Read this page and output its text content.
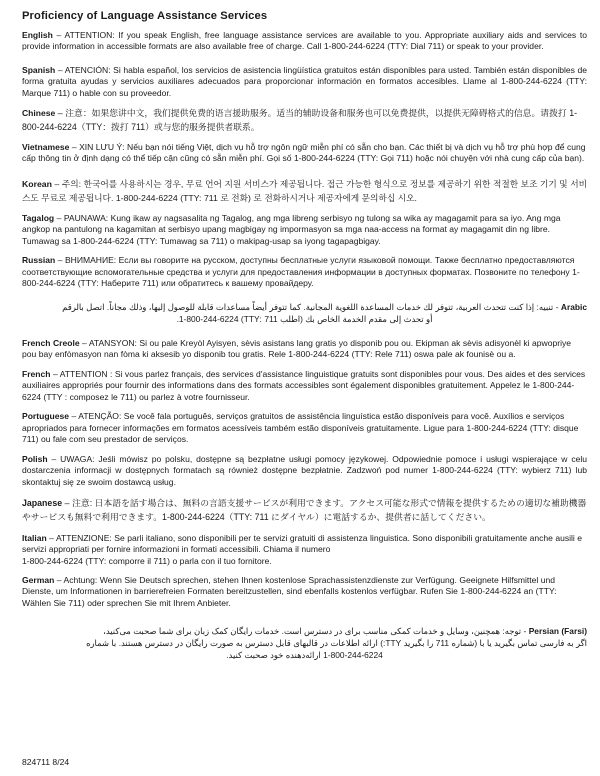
Proficiency of Language Assistance Services

English – ATTENTION: If you speak English, free language assistance services are available to you. Appropriate auxiliary aids and services to provide information in accessible formats are also available free of charge. Call 1-800-244-6224 (TTY: Dial 711) or speak to your provider.

Spanish – ATENCIÓN: Si habla español, los servicios de asistencia lingüística gratuitos están disponibles para usted. También están disponibles de forma gratuita ayudas y servicios auxiliares adecuados para proporcionar información en formatos accesibles. Llame al 1-800-244-6224 (TTY: Marque 711) o hable con su proveedor.

Chinese – 注意：如果您讲中文，我们提供免费的语言援助服务。适当的辅助设备和服务也可以免费提供，以提供无障碍格式的信息。请拨打 1-800-244-6224（TTY：拨打 711）或与您的服务提供者联系。

Vietnamese – XIN LƯU Ý: Nếu bạn nói tiếng Việt, dịch vụ hỗ trợ ngôn ngữ miễn phí có sẵn cho bạn. Các thiết bị và dịch vụ hỗ trợ phù hợp để cung cấp thông tin ở định dạng có thể tiếp cận cũng có sẵn miễn phí. Gọi số 1-800-244-6224 (TTY: Gọi 711) hoặc nói chuyện với nhà cung cấp của bạn).

Korean – 주의: 한국어를 사용하시는 경우, 무료 언어 지원 서비스가 제공됩니다. 접근 가능한 형식으로 정보를 제공하기 위한 적절한 보조 기기 및 서비스도 무료로 제공됩니다. 1-800-244-6224 (TTY: 711 로 전화) 로 전화하시거나 제공자에게 문의하십 시오.

Tagalog – PAUNAWA: Kung ikaw ay nagsasalita ng Tagalog, ang mga libreng serbisyo ng tulong sa wika ay magagamit para sa iyo. Ang mga angkop na pantulong na kagamitan at serbisyo upang magbigay ng impormasyon sa mga naa-access na format ay magagamit din ng libre. Tumawag sa 1-800-244-6224 (TTY: Tumawag sa 711) o makipag-usap sa iyong tagapagbigay.

Russian – ВНИМАНИЕ: Если вы говорите на русском, доступны бесплатные услуги языковой помощи. Также бесплатно предоставляются соответствующие вспомогательные средства и услуги для предоставления информации в доступных форматах. Позвоните по телефону 1-800-244-6224 (TTY: Наберите 711) или обратитесь к вашему провайдеру.

Arabic - تنبيه: إذا كنت تتحدث العربية، تتوفر لك خدمات المساعدة اللغوية المجانية. كما تتوفر أيضاً مساعدات قابلة للوصول إليها، وذلك مجاناً. اتصل بالرقم
أو تحدث إلى مقدم الخدمة الخاص بك (اطلب 711 :TTY) 1-800-244-6224.

French Creole – ATANSYON: Si ou pale Kreyòl Ayisyen, sèvis asistans lang gratis yo disponib pou ou. Ekipman ak sèvis adisyonèl ki apwopriye pou bay enfòmasyon nan fòma ki aksesib yo disponib tou gratis. Rele 1-800-244-6224 (TTY: Rele 711) oswa pale ak founisè ou a.

French – ATTENTION : Si vous parlez français, des services d'assistance linguistique gratuits sont disponibles pour vous. Des aides et des services auxiliaires appropriés pour fournir des informations dans des formats accessibles sont également disponibles gratuitement. Appelez le 1-800-244-6224 (TTY : composez le 711) ou parlez à votre fournisseur.

Portuguese – ATENÇÃO: Se você fala português, serviços gratuitos de assistência linguística estão disponíveis para você. Auxílios e serviços apropriados para fornecer informações em formatos acessíveis também estão disponíveis gratuitamente. Ligue para 1-800-244-6224 (TTY: disque 711) ou fale com seu prestador de serviços.

Polish – UWAGA: Jeśli mówisz po polsku, dostępne są bezpłatne usługi pomocy językowej. Odpowiednie pomoce i usługi wspierające w celu dostarczenia informacji w dostępnych formatach są również dostępne bezpłatnie. Zadzwoń pod numer 1-800-244-6224 (TTY: wybierz 711) lub skontaktuj się ze swoim dostawcą usług.

Japanese – 注意: 日本語を話す場合は、無料の言語支援サービスが利用できます。アクセス可能な形式で情報を提供するための適切な補助機器やサービスも無料で利用できます。1-800-244-6224（TTY: 711 にダイヤル）に電話するか、提供者に話してください。

Italian – ATTENZIONE: Se parli italiano, sono disponibili per te servizi gratuiti di assistenza linguistica. Sono disponibili gratuitamente anche ausili e servizi appropriati per fornire informazioni in formati accessibili. Chiama il numero
1-800-244-6224 (TTY: comporre il 711) o parla con il tuo fornitore.

German – Achtung: Wenn Sie Deutsch sprechen, stehen Ihnen kostenlose Sprachassistenzdienste zur Verfügung. Geeignete Hilfsmittel und Dienste, um Informationen in barrierefreien Formaten bereitzustellen, sind ebenfalls kostenlos verfügbar. Rufen Sie 1-800-244-6224 an (TTY: Wählen Sie 711) oder sprechen Sie mit Ihrem Anbieter.

Persian (Farsi) - توجه: همچنین، وسایل و خدمات کمکی مناسب برای در دسترس است. خدمات رایگان کمک زبان برای شما صحبت می‌کنید،
اگر به فارسی تماس بگیرید یا با (شماره 711 را بگیرید TTY:) ارائه اطلاعات در قالبهای قابل دسترس به صورت رایگان در دسترس هستند. با شماره
1-800-244-6224 ارائه‌دهنده خود صحبت کنید.
824711 8/24
